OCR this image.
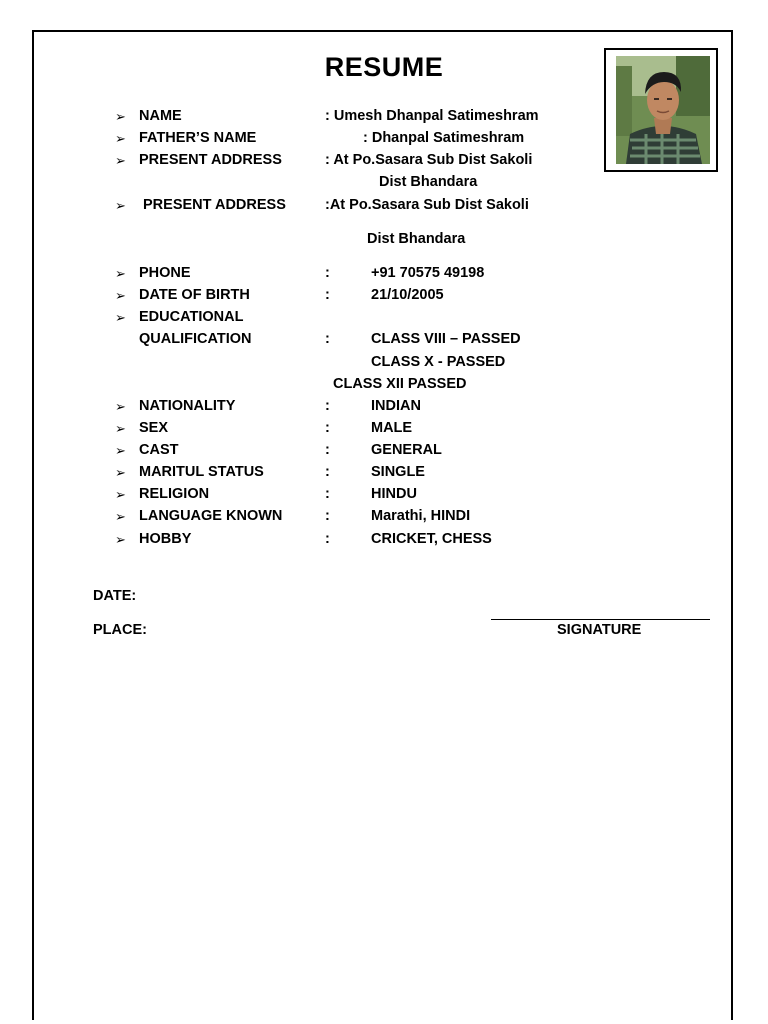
RESUME
➢ NAME	: Umesh Dhanpal Satimeshram
➢ FATHER’S NAME	: Dhanpal Satimeshram
➢ PRESENT ADDRESS	: At Po.Sasara Sub Dist Sakoli
Dist Bhandara
➢ PRESENT ADDRESS	:At Po.Sasara Sub Dist Sakoli
Dist Bhandara
➢ PHONE	:	+91 70575 49198
➢ DATE OF BIRTH	:	21/10/2005
➢ EDUCATIONAL
QUALIFICATION	:	CLASS VIII – PASSED
CLASS X - PASSED
CLASS XII PASSED
➢ NATIONALITY	:	INDIAN
➢ SEX	:	MALE
➢ CAST	:	GENERAL
➢ MARITUL STATUS	:	SINGLE
➢ RELIGION	:	HINDU
➢ LANGUAGE KNOWN	:	Marathi, HINDI
➢ HOBBY	:	CRICKET, CHESS
DATE:
PLACE:	SIGNATURE
